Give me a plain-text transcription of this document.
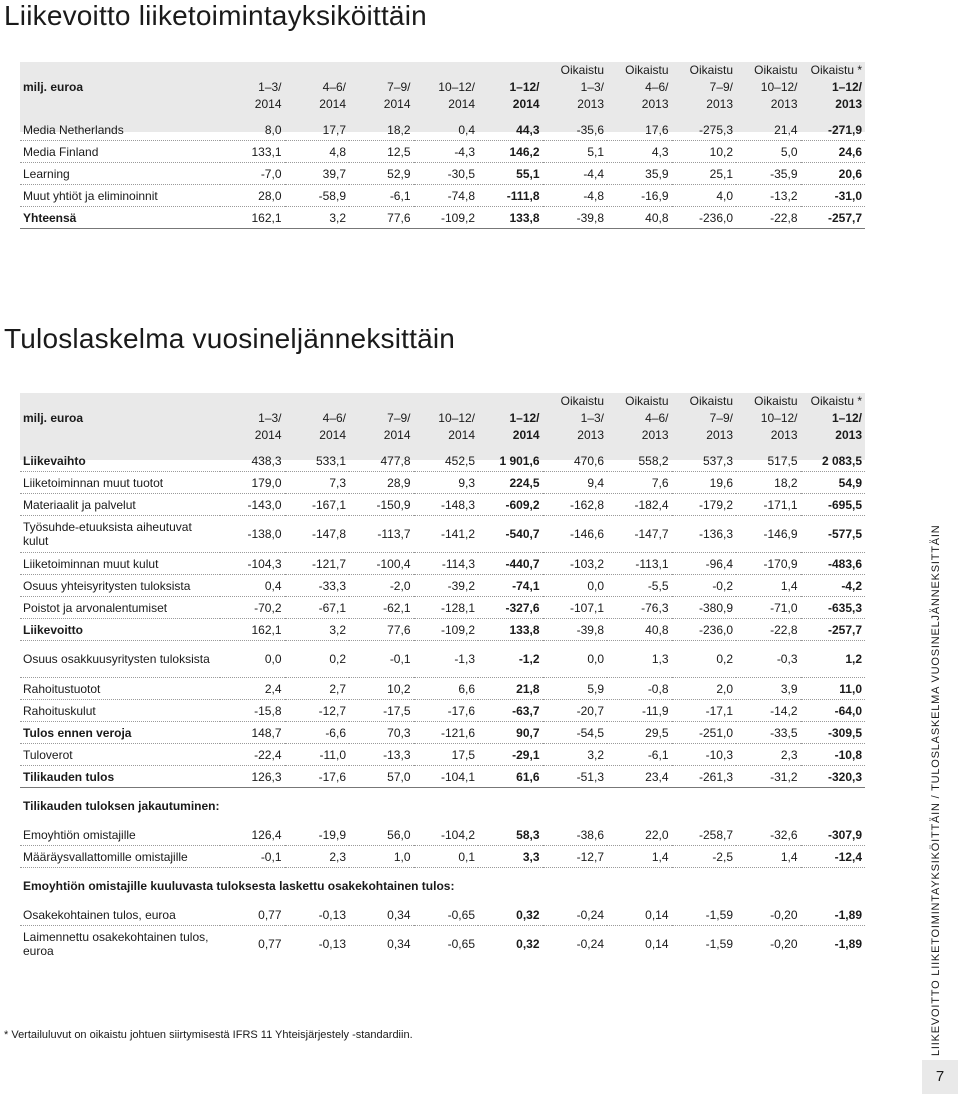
Liikevoitto liiketoimintayksiköittäin
						Oikaistu	Oikaistu	Oikaistu	Oikaistu	Oikaistu *
milj. euroa	1–3/	4–6/	7–9/	10–12/	1–12/	1–3/	4–6/	7–9/	10–12/	1–12/
	2014	2014	2014	2014	2014	2013	2013	2013	2013	2013
Media Netherlands	8,0	17,7	18,2	0,4	44,3	-35,6	17,6	-275,3	21,4	-271,9
Media Finland	133,1	4,8	12,5	-4,3	146,2	5,1	4,3	10,2	5,0	24,6
Learning	-7,0	39,7	52,9	-30,5	55,1	-4,4	35,9	25,1	-35,9	20,6
Muut yhtiöt ja eliminoinnit	28,0	-58,9	-6,1	-74,8	-111,8	-4,8	-16,9	4,0	-13,2	-31,0
Yhteensä	162,1	3,2	77,6	-109,2	133,8	-39,8	40,8	-236,0	-22,8	-257,7
Tuloslaskelma vuosineljänneksittäin
						Oikaistu	Oikaistu	Oikaistu	Oikaistu	Oikaistu *
milj. euroa	1–3/	4–6/	7–9/	10–12/	1–12/	1–3/	4–6/	7–9/	10–12/	1–12/
	2014	2014	2014	2014	2014	2013	2013	2013	2013	2013
Liikevaihto	438,3	533,1	477,8	452,5	1 901,6	470,6	558,2	537,3	517,5	2 083,5
Liiketoiminnan muut tuotot	179,0	7,3	28,9	9,3	224,5	9,4	7,6	19,6	18,2	54,9
Materiaalit ja palvelut	-143,0	-167,1	-150,9	-148,3	-609,2	-162,8	-182,4	-179,2	-171,1	-695,5
Työsuhde-etuuksista aiheutuvat kulut	-138,0	-147,8	-113,7	-141,2	-540,7	-146,6	-147,7	-136,3	-146,9	-577,5
Liiketoiminnan muut kulut	-104,3	-121,7	-100,4	-114,3	-440,7	-103,2	-113,1	-96,4	-170,9	-483,6
Osuus yhteisyritysten tuloksista	0,4	-33,3	-2,0	-39,2	-74,1	0,0	-5,5	-0,2	1,4	-4,2
Poistot ja arvonalentumiset	-70,2	-67,1	-62,1	-128,1	-327,6	-107,1	-76,3	-380,9	-71,0	-635,3
Liikevoitto	162,1	3,2	77,6	-109,2	133,8	-39,8	40,8	-236,0	-22,8	-257,7
Osuus osakkuusyritysten tuloksista	0,0	0,2	-0,1	-1,3	-1,2	0,0	1,3	0,2	-0,3	1,2
Rahoitustuotot	2,4	2,7	10,2	6,6	21,8	5,9	-0,8	2,0	3,9	11,0
Rahoituskulut	-15,8	-12,7	-17,5	-17,6	-63,7	-20,7	-11,9	-17,1	-14,2	-64,0
Tulos ennen veroja	148,7	-6,6	70,3	-121,6	90,7	-54,5	29,5	-251,0	-33,5	-309,5
Tuloverot	-22,4	-11,0	-13,3	17,5	-29,1	3,2	-6,1	-10,3	2,3	-10,8
Tilikauden tulos	126,3	-17,6	57,0	-104,1	61,6	-51,3	23,4	-261,3	-31,2	-320,3
Tilikauden tuloksen jakautuminen:										
Emoyhtiön omistajille	126,4	-19,9	56,0	-104,2	58,3	-38,6	22,0	-258,7	-32,6	-307,9
Määräysvallattomille omistajille	-0,1	2,3	1,0	0,1	3,3	-12,7	1,4	-2,5	1,4	-12,4
Emoyhtiön omistajille kuuluvasta tuloksesta laskettu osakekohtainen tulos:										
Osakekohtainen tulos, euroa	0,77	-0,13	0,34	-0,65	0,32	-0,24	0,14	-1,59	-0,20	-1,89
Laimennettu osakekohtainen tulos, euroa	0,77	-0,13	0,34	-0,65	0,32	-0,24	0,14	-1,59	-0,20	-1,89
* Vertailuluvut on oikaistu johtuen siirtymisestä IFRS 11 Yhteisjärjestely -standardiin.	LIIKEVOITTO LIIKETOIMINTAYKSIKÖITTÄIN / TULOSLASKELMA VUOSINELJÄNNEKSITTÄIN
7
